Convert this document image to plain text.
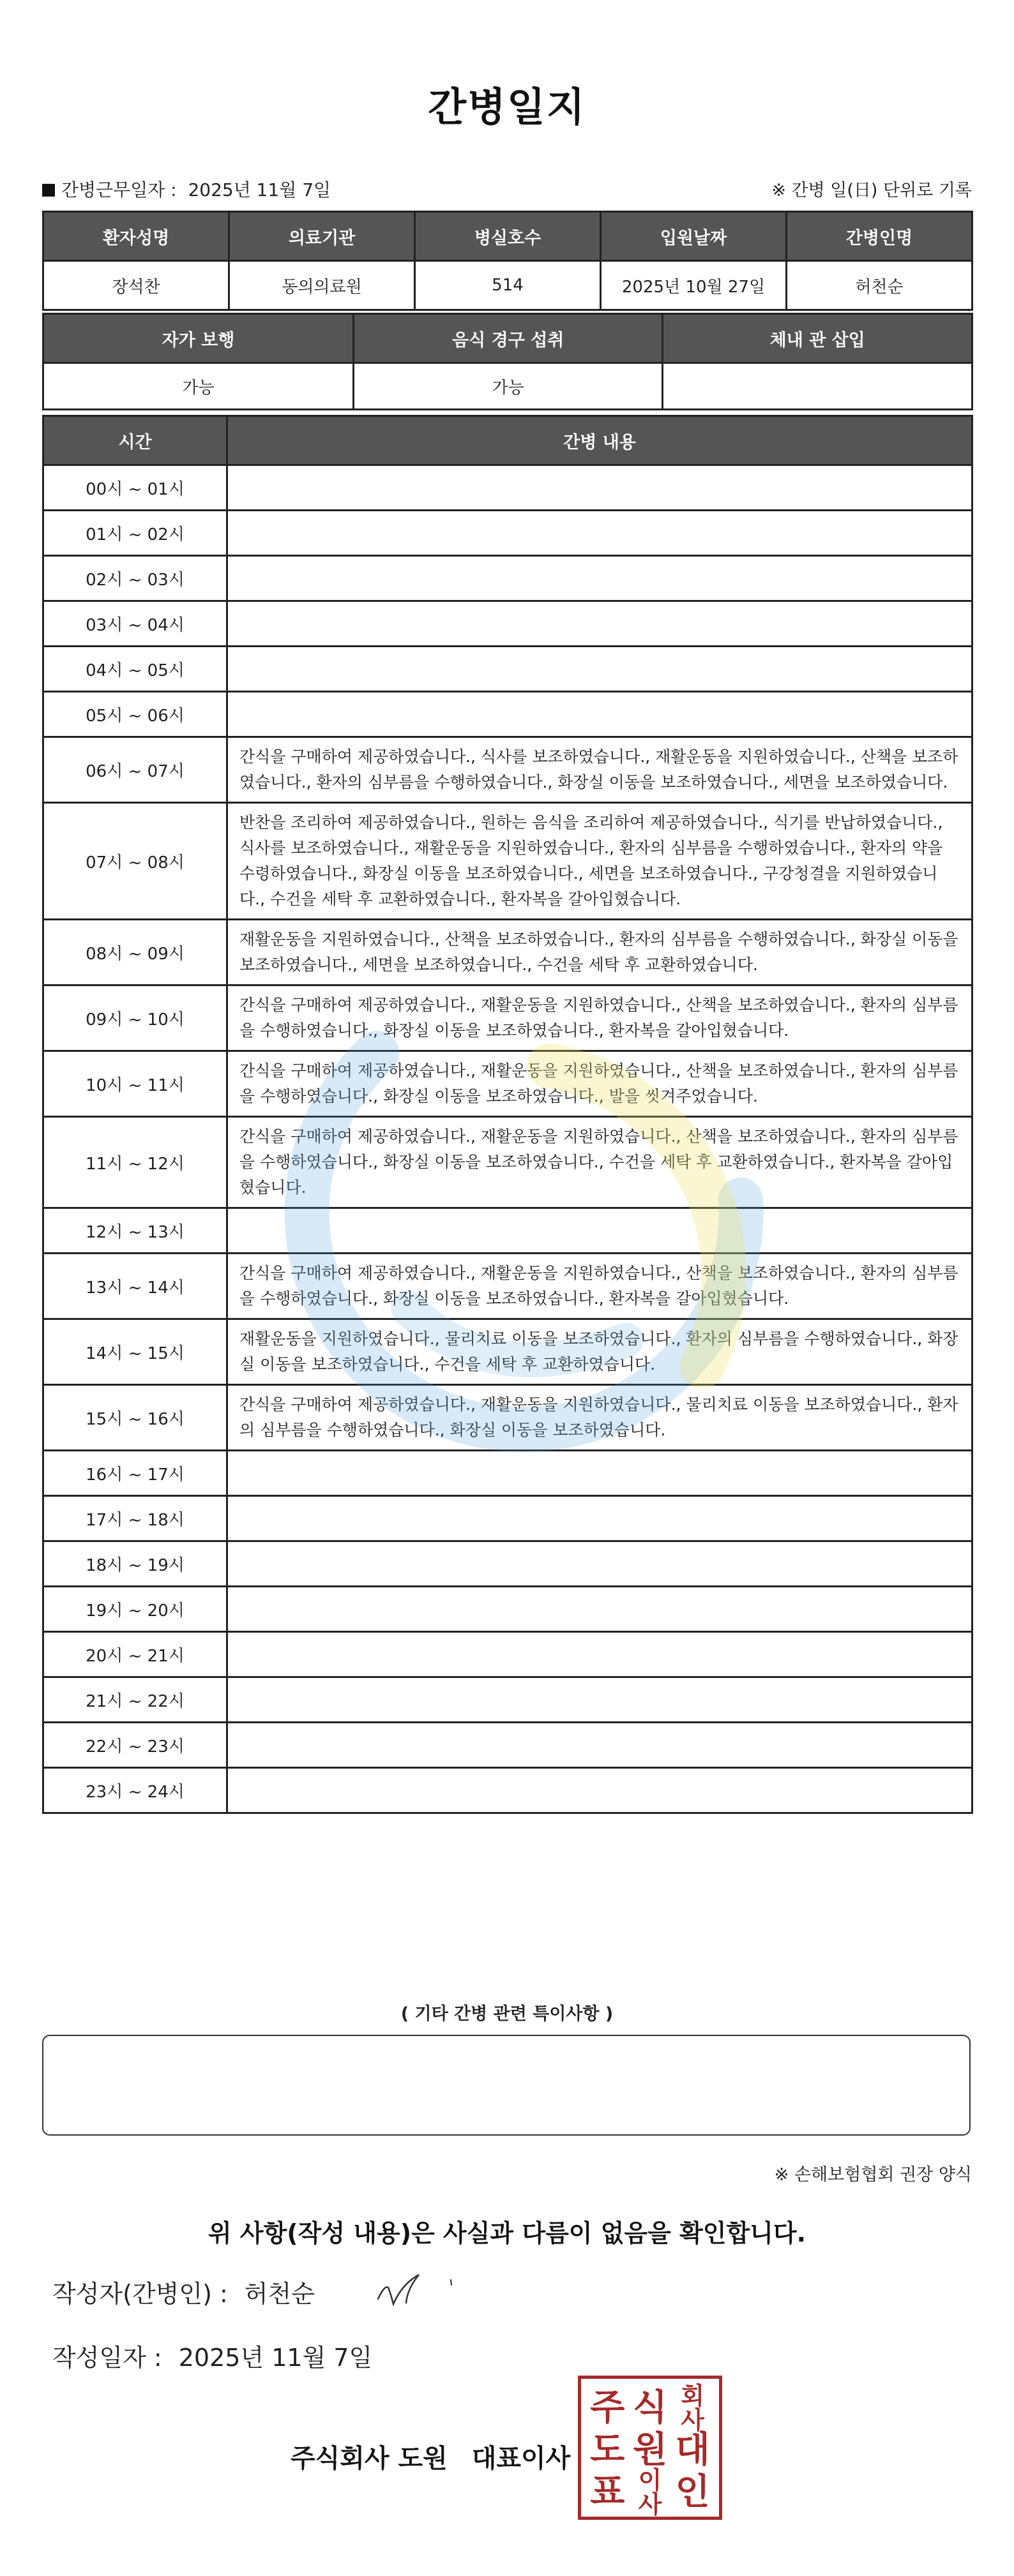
간병일지
간병근무일자 : 2025년 11월 7일	※ 간병 일(日) 단위로 기록
환자성명	의료기관	병실호수	입원날짜	간병인명
장석찬	동의의료원	514	2025년 10월 27일	허천순
자가 보행	음식 경구 섭취	체내 관 삽입
가능	가능	
시간	간병 내용
00시 ~ 01시	
01시 ~ 02시	
02시 ~ 03시	
03시 ~ 04시	
04시 ~ 05시	
05시 ~ 06시	
06시 ~ 07시	간식을 구매하여 제공하였습니다., 식사를 보조하였습니다., 재활운동을 지원하였습니다., 산책을 보조하였습니다., 환자의 심부름을 수행하였습니다., 화장실 이동을 보조하였습니다., 세면을 보조하였습니다.
07시 ~ 08시	반찬을 조리하여 제공하였습니다., 원하는 음식을 조리하여 제공하였습니다., 식기를 반납하였습니다., 식사를 보조하였습니다., 재활운동을 지원하였습니다., 환자의 심부름을 수행하였습니다., 환자의 약을 수령하였습니다., 화장실 이동을 보조하였습니다., 세면을 보조하였습니다., 구강청결을 지원하였습니다., 수건을 세탁 후 교환하였습니다., 환자복을 갈아입혔습니다.
08시 ~ 09시	재활운동을 지원하였습니다., 산책을 보조하였습니다., 환자의 심부름을 수행하였습니다., 화장실 이동을 보조하였습니다., 세면을 보조하였습니다., 수건을 세탁 후 교환하였습니다.
09시 ~ 10시	간식을 구매하여 제공하였습니다., 재활운동을 지원하였습니다., 산책을 보조하였습니다., 환자의 심부름을 수행하였습니다., 화장실 이동을 보조하였습니다., 환자복을 갈아입혔습니다.
10시 ~ 11시	간식을 구매하여 제공하였습니다., 재활운동을 지원하였습니다., 산책을 보조하였습니다., 환자의 심부름을 수행하였습니다., 화장실 이동을 보조하였습니다., 발을 씻겨주었습니다.
11시 ~ 12시	간식을 구매하여 제공하였습니다., 재활운동을 지원하였습니다., 산책을 보조하였습니다., 환자의 심부름을 수행하였습니다., 화장실 이동을 보조하였습니다., 수건을 세탁 후 교환하였습니다., 환자복을 갈아입혔습니다.
12시 ~ 13시	
13시 ~ 14시	간식을 구매하여 제공하였습니다., 재활운동을 지원하였습니다., 산책을 보조하였습니다., 환자의 심부름을 수행하였습니다., 화장실 이동을 보조하였습니다., 환자복을 갈아입혔습니다.
14시 ~ 15시	재활운동을 지원하였습니다., 물리치료 이동을 보조하였습니다., 환자의 심부름을 수행하였습니다., 화장실 이동을 보조하였습니다., 수건을 세탁 후 교환하였습니다.
15시 ~ 16시	간식을 구매하여 제공하였습니다., 재활운동을 지원하였습니다., 물리치료 이동을 보조하였습니다., 환자의 심부름을 수행하였습니다., 화장실 이동을 보조하였습니다.
16시 ~ 17시	
17시 ~ 18시	
18시 ~ 19시	
19시 ~ 20시	
20시 ~ 21시	
21시 ~ 22시	
22시 ~ 23시	
23시 ~ 24시	
( 기타 간병 관련 특이사항 )
※ 손해보험협회 권장 양식
위 사항(작성 내용)은 사실과 다름이 없음을 확인합니다.
작성자(간병인) : 허천순
작성일자 : 2025년 11월 7일
주식회사 도원 대표이사
주 식 회
사
도 원 대
표 이
사 인
